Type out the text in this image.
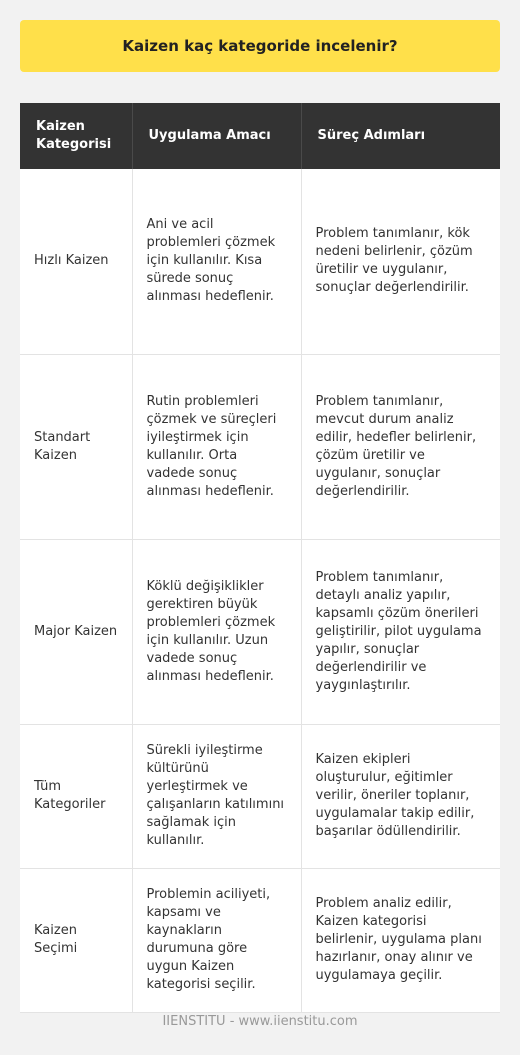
Kaizen kaç kategoride incelenir?
Kaizen Kategorisi	Uygulama Amacı	Süreç Adımları
Hızlı Kaizen	Ani ve acil problemleri çözmek için kullanılır. Kısa sürede sonuç alınması hedeflenir.	Problem tanımlanır, kök nedeni belirlenir, çözüm üretilir ve uygulanır, sonuçlar değerlendirilir.
Standart Kaizen	Rutin problemleri çözmek ve süreçleri iyileştirmek için kullanılır. Orta vadede sonuç alınması hedeflenir.	Problem tanımlanır, mevcut durum analiz edilir, hedefler belirlenir, çözüm üretilir ve uygulanır, sonuçlar değerlendirilir.
Major Kaizen	Köklü değişiklikler gerektiren büyük problemleri çözmek için kullanılır. Uzun vadede sonuç alınması hedeflenir.	Problem tanımlanır, detaylı analiz yapılır, kapsamlı çözüm önerileri geliştirilir, pilot uygulama yapılır, sonuçlar değerlendirilir ve yaygınlaştırılır.
Tüm Kategoriler	Sürekli iyileştirme kültürünü yerleştirmek ve çalışanların katılımını sağlamak için kullanılır.	Kaizen ekipleri oluşturulur, eğitimler verilir, öneriler toplanır, uygulamalar takip edilir, başarılar ödüllendirilir.
Kaizen Seçimi	Problemin aciliyeti, kapsamı ve kaynakların durumuna göre uygun Kaizen kategorisi seçilir.	Problem analiz edilir, Kaizen kategorisi belirlenir, uygulama planı hazırlanır, onay alınır ve uygulamaya geçilir.
IIENSTITU - www.iienstitu.com
